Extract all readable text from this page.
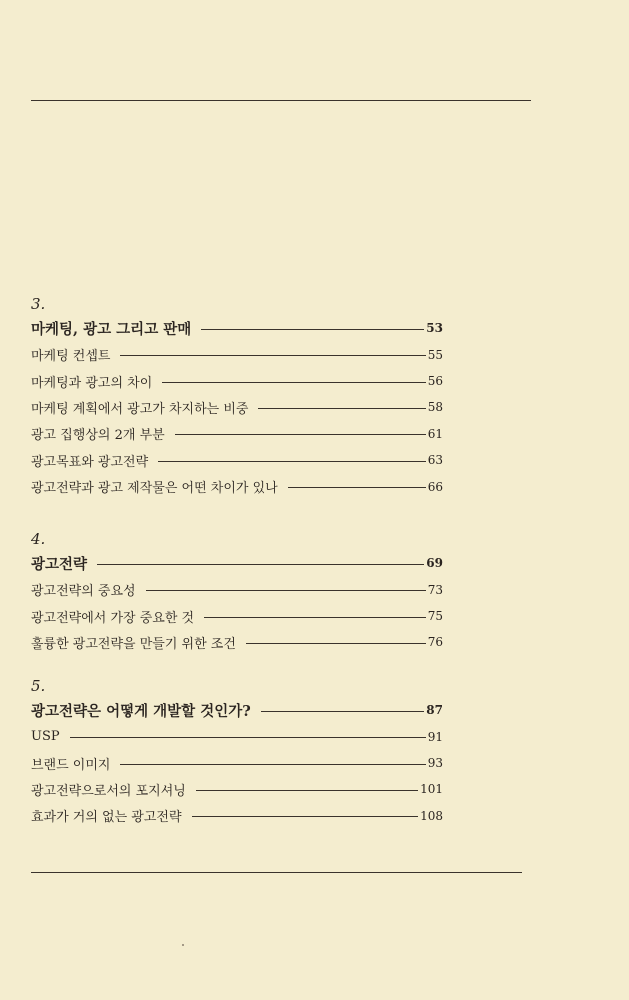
3.
마케팅, 광고 그리고 판매	53
마케팅 컨셉트	55
마케팅과 광고의 차이	56
마케팅 계획에서 광고가 차지하는 비중	58
광고 집행상의 2개 부분	61
광고목표와 광고전략	63
광고전략과 광고 제작물은 어떤 차이가 있나	66
4.
광고전략	69
광고전략의 중요성	73
광고전략에서 가장 중요한 것	75
훌륭한 광고전략을 만들기 위한 조건	76
5.
광고전략은 어떻게 개발할 것인가?	87
USP	91
브랜드 이미지	93
광고전략으로서의 포지셔닝	101
효과가 거의 없는 광고전략	108
